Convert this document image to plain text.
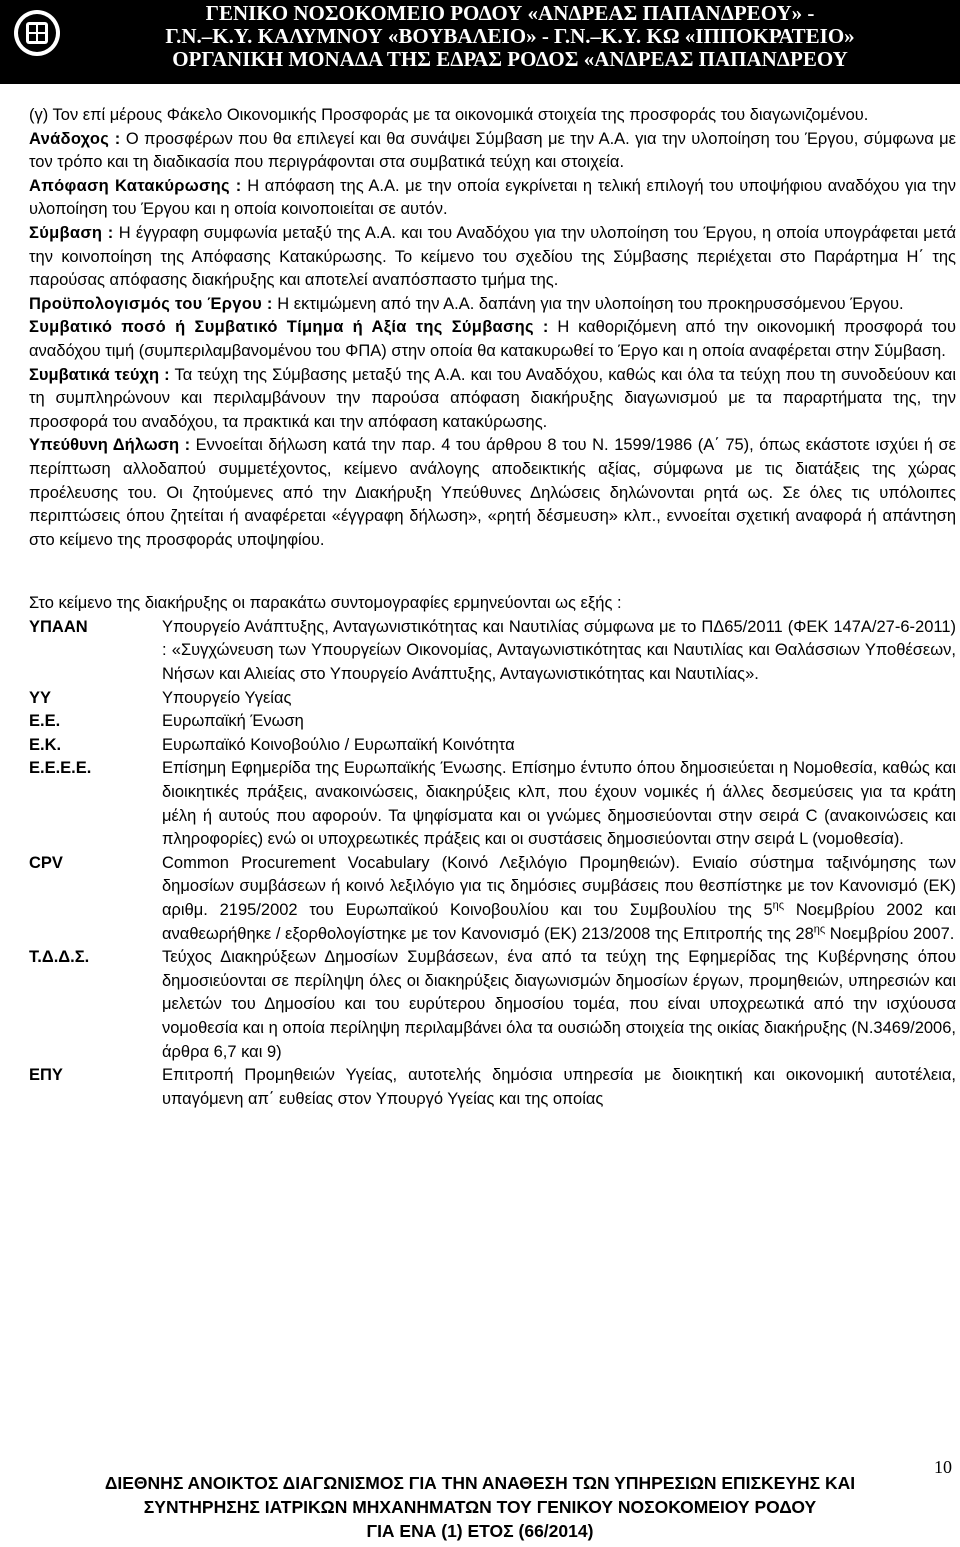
ΓΕΝΙΚΟ ΝΟΣΟΚΟΜΕΙΟ ΡΟΔΟΥ «ΑΝΔΡΕΑΣ ΠΑΠΑΝΔΡΕΟΥ» -
Γ.Ν.–Κ.Υ. ΚΑΛΥΜΝΟΥ «ΒΟΥΒΑΛΕΙΟ» - Γ.Ν.–Κ.Υ. ΚΩ «ΙΠΠΟΚΡΑΤΕΙΟ»
ΟΡΓΑΝΙΚΗ ΜΟΝΑΔΑ ΤΗΣ ΕΔΡΑΣ ΡΟΔΟΣ «ΑΝΔΡΕΑΣ ΠΑΠΑΝΔΡΕΟΥ

(γ) Τον επί μέρους Φάκελο Οικονομικής Προσφοράς με τα οικονομικά στοιχεία της προσφοράς του διαγωνιζομένου.

Ανάδοχος : Ο προσφέρων που θα επιλεγεί και θα συνάψει Σύμβαση με την Α.Α. για την υλοποίηση του Έργου, σύμφωνα με τον τρόπο και τη διαδικασία που περιγράφονται στα συμβατικά τεύχη και στοιχεία.

Απόφαση Κατακύρωσης : Η απόφαση της Α.Α. με την οποία εγκρίνεται η τελική επιλογή του υποψήφιου αναδόχου για την υλοποίηση του Έργου και η οποία κοινοποιείται σε αυτόν.

Σύμβαση : Η έγγραφη συμφωνία μεταξύ της Α.Α. και του Αναδόχου για την υλοποίηση του Έργου, η οποία υπογράφεται μετά την κοινοποίηση της Απόφασης Κατακύρωσης. Το κείμενο του σχεδίου της Σύμβασης περιέχεται στο Παράρτημα Η΄ της παρούσας απόφασης διακήρυξης και αποτελεί αναπόσπαστο τμήμα της.

Προϋπολογισμός του Έργου : Η εκτιμώμενη από την Α.Α. δαπάνη για την υλοποίηση του προκηρυσσόμενου Έργου.

Συμβατικό ποσό ή Συμβατικό Τίμημα ή Αξία της Σύμβασης : Η καθοριζόμενη από την οικονομική προσφορά του αναδόχου τιμή (συμπεριλαμβανομένου του ΦΠΑ) στην οποία θα κατακυρωθεί το Έργο και η οποία αναφέρεται στην Σύμβαση.

Συμβατικά τεύχη : Τα τεύχη της Σύμβασης μεταξύ της Α.Α. και του Αναδόχου, καθώς και όλα τα τεύχη που τη συνοδεύουν και τη συμπληρώνουν και περιλαμβάνουν την παρούσα απόφαση διακήρυξης διαγωνισμού με τα παραρτήματα της, την προσφορά του αναδόχου, τα πρακτικά και την απόφαση κατακύρωσης.

Υπεύθυνη Δήλωση : Εννοείται δήλωση κατά την παρ. 4 του άρθρου 8 του Ν. 1599/1986 (Α΄ 75), όπως εκάστοτε ισχύει ή σε περίπτωση αλλοδαπού συμμετέχοντος, κείμενο ανάλογης αποδεικτικής αξίας, σύμφωνα με τις διατάξεις της χώρας προέλευσης του. Οι ζητούμενες από την Διακήρυξη Υπεύθυνες Δηλώσεις δηλώνονται ρητά ως. Σε όλες τις υπόλοιπες περιπτώσεις όπου ζητείται ή αναφέρεται «έγγραφη δήλωση», «ρητή δέσμευση» κλπ., εννοείται σχετική αναφορά ή απάντηση στο κείμενο της προσφοράς υποψηφίου.

Στο κείμενο της διακήρυξης οι παρακάτω συντομογραφίες ερμηνεύονται ως εξής :

ΥΠΑΑΝ	Υπουργείο Ανάπτυξης, Ανταγωνιστικότητας και Ναυτιλίας σύμφωνα με το ΠΔ65/2011 (ΦΕΚ 147Α/27-6-2011) : «Συγχώνευση των Υπουργείων Οικονομίας, Ανταγωνιστικότητας και Ναυτιλίας και Θαλάσσιων Υποθέσεων, Νήσων και Αλιείας στο Υπουργείο Ανάπτυξης, Ανταγωνιστικότητας και Ναυτιλίας».
ΥΥ	Υπουργείο Υγείας
Ε.Ε.	Ευρωπαϊκή Ένωση
Ε.Κ.	Ευρωπαϊκό Κοινοβούλιο / Ευρωπαϊκή Κοινότητα
Ε.Ε.Ε.Ε.	Επίσημη Εφημερίδα της Ευρωπαϊκής Ένωσης. Επίσημο έντυπο όπου δημοσιεύεται η Νομοθεσία, καθώς και διοικητικές πράξεις, ανακοινώσεις, διακηρύξεις κλπ, που έχουν νομικές ή άλλες δεσμεύσεις για τα κράτη μέλη ή αυτούς που αφορούν. Τα ψηφίσματα και οι γνώμες δημοσιεύονται στην σειρά C (ανακοινώσεις και πληροφορίες) ενώ οι υποχρεωτικές πράξεις και οι συστάσεις δημοσιεύονται στην σειρά L (νομοθεσία).
CPV	Common Procurement Vocabulary (Κοινό Λεξιλόγιο Προμηθειών). Ενιαίο σύστημα ταξινόμησης των δημοσίων συμβάσεων ή κοινό λεξιλόγιο για τις δημόσιες συμβάσεις που θεσπίστηκε με τον Κανονισμό (ΕΚ) αριθμ. 2195/2002 του Ευρωπαϊκού Κοινοβουλίου και του Συμβουλίου της $5^{\eta\varsigma}$ Νοεμβρίου 2002 και αναθεωρήθηκε / εξορθολογίστηκε με τον Κανονισμό (ΕΚ) 213/2008 της Επιτροπής της $28^{\eta\varsigma}$ Νοεμβρίου 2007.
Τ.Δ.Δ.Σ.	Τεύχος Διακηρύξεων Δημοσίων Συμβάσεων, ένα από τα τεύχη της Εφημερίδας της Κυβέρνησης όπου δημοσιεύονται σε περίληψη όλες οι διακηρύξεις διαγωνισμών δημοσίων έργων, προμηθειών, υπηρεσιών και μελετών του Δημοσίου και του ευρύτερου δημοσίου τομέα, που είναι υποχρεωτικά από την ισχύουσα νομοθεσία και η οποία περίληψη περιλαμβάνει όλα τα ουσιώδη στοιχεία της οικίας διακήρυξης (Ν.3469/2006, άρθρα 6,7 και 9)
ΕΠΥ	Επιτροπή Προμηθειών Υγείας, αυτοτελής δημόσια υπηρεσία με διοικητική και οικονομική αυτοτέλεια, υπαγόμενη απ΄ ευθείας στον Υπουργό Υγείας και της οποίας
10
ΔΙΕΘΝΗΣ ΑΝΟΙΚΤΟΣ ΔΙΑΓΩΝΙΣΜΟΣ ΓΙΑ ΤΗΝ ΑΝΑΘΕΣΗ ΤΩΝ ΥΠΗΡΕΣΙΩΝ ΕΠΙΣΚΕΥΗΣ ΚΑΙ
ΣΥΝΤΗΡΗΣΗΣ ΙΑΤΡΙΚΩΝ ΜΗΧΑΝΗΜΑΤΩΝ ΤΟΥ ΓΕΝΙΚΟΥ ΝΟΣΟΚΟΜΕΙΟΥ ΡΟΔΟΥ
ΓΙΑ ΕΝΑ (1) ΕΤΟΣ (66/2014)
